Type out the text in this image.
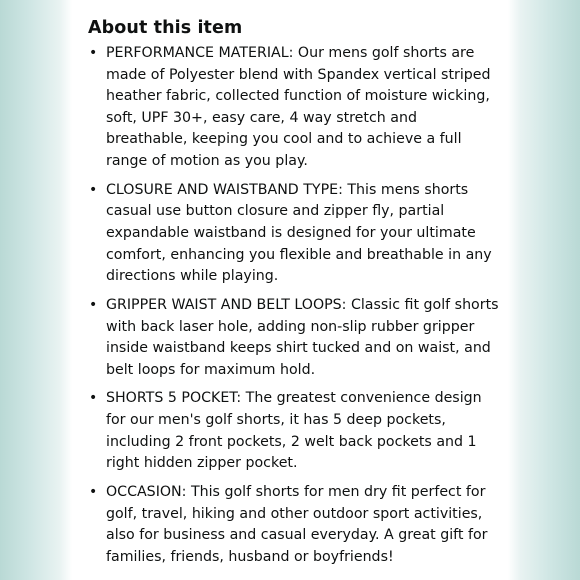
About this item
• PERFORMANCE MATERIAL: Our mens golf shorts are made of Polyester blend with Spandex vertical striped heather fabric, collected function of moisture wicking, soft, UPF 30+, easy care, 4 way stretch and breathable, keeping you cool and to achieve a full range of motion as you play.
• CLOSURE AND WAISTBAND TYPE: This mens shorts casual use button closure and zipper fly, partial expandable waistband is designed for your ultimate comfort, enhancing you flexible and breathable in any directions while playing.
• GRIPPER WAIST AND BELT LOOPS: Classic fit golf shorts with back laser hole, adding non-slip rubber gripper inside waistband keeps shirt tucked and on waist, and belt loops for maximum hold.
• SHORTS 5 POCKET: The greatest convenience design for our men's golf shorts, it has 5 deep pockets, including 2 front pockets, 2 welt back pockets and 1 right hidden zipper pocket.
• OCCASION: This golf shorts for men dry fit perfect for golf, travel, hiking and other outdoor sport activities, also for business and casual everyday. A great gift for families, friends, husband or boyfriends!
